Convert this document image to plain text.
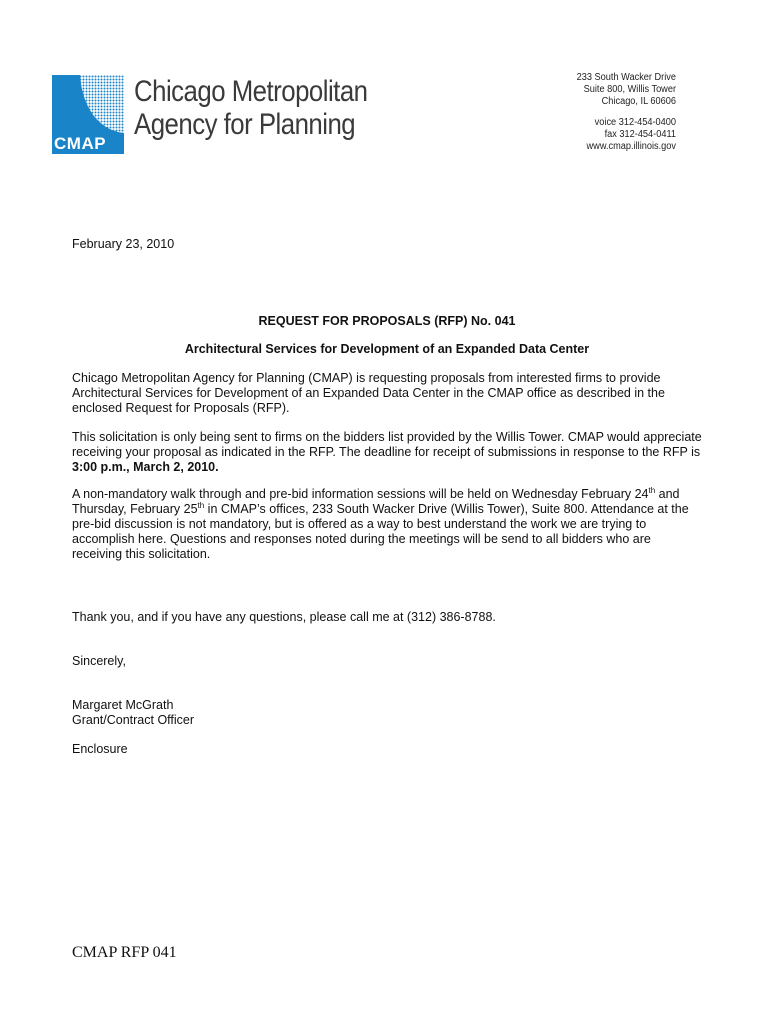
CMAP
Chicago Metropolitan
Agency for Planning
233 South Wacker Drive
Suite 800, Willis Tower
Chicago, IL 60606
voice 312-454-0400
fax 312-454-0411
www.cmap.illinois.gov
February 23, 2010
REQUEST FOR PROPOSALS (RFP) No. 041
Architectural Services for Development of an Expanded Data Center
Chicago Metropolitan Agency for Planning (CMAP) is requesting proposals from interested firms to provide Architectural Services for Development of an Expanded Data Center in the CMAP office as described in the enclosed Request for Proposals (RFP).
This solicitation is only being sent to firms on the bidders list provided by the Willis Tower. CMAP would appreciate receiving your proposal as indicated in the RFP. The deadline for receipt of submissions in response to the RFP is 3:00 p.m., March 2, 2010.
A non-mandatory walk through and pre-bid information sessions will be held on Wednesday February 24th and Thursday, February 25th in CMAP’s offices, 233 South Wacker Drive (Willis Tower), Suite 800. Attendance at the pre-bid discussion is not mandatory, but is offered as a way to best understand the work we are trying to accomplish here. Questions and responses noted during the meetings will be send to all bidders who are receiving this solicitation.
Thank you, and if you have any questions, please call me at (312) 386-8788.
Sincerely,
Margaret McGrath
Grant/Contract Officer
Enclosure
CMAP RFP 041
